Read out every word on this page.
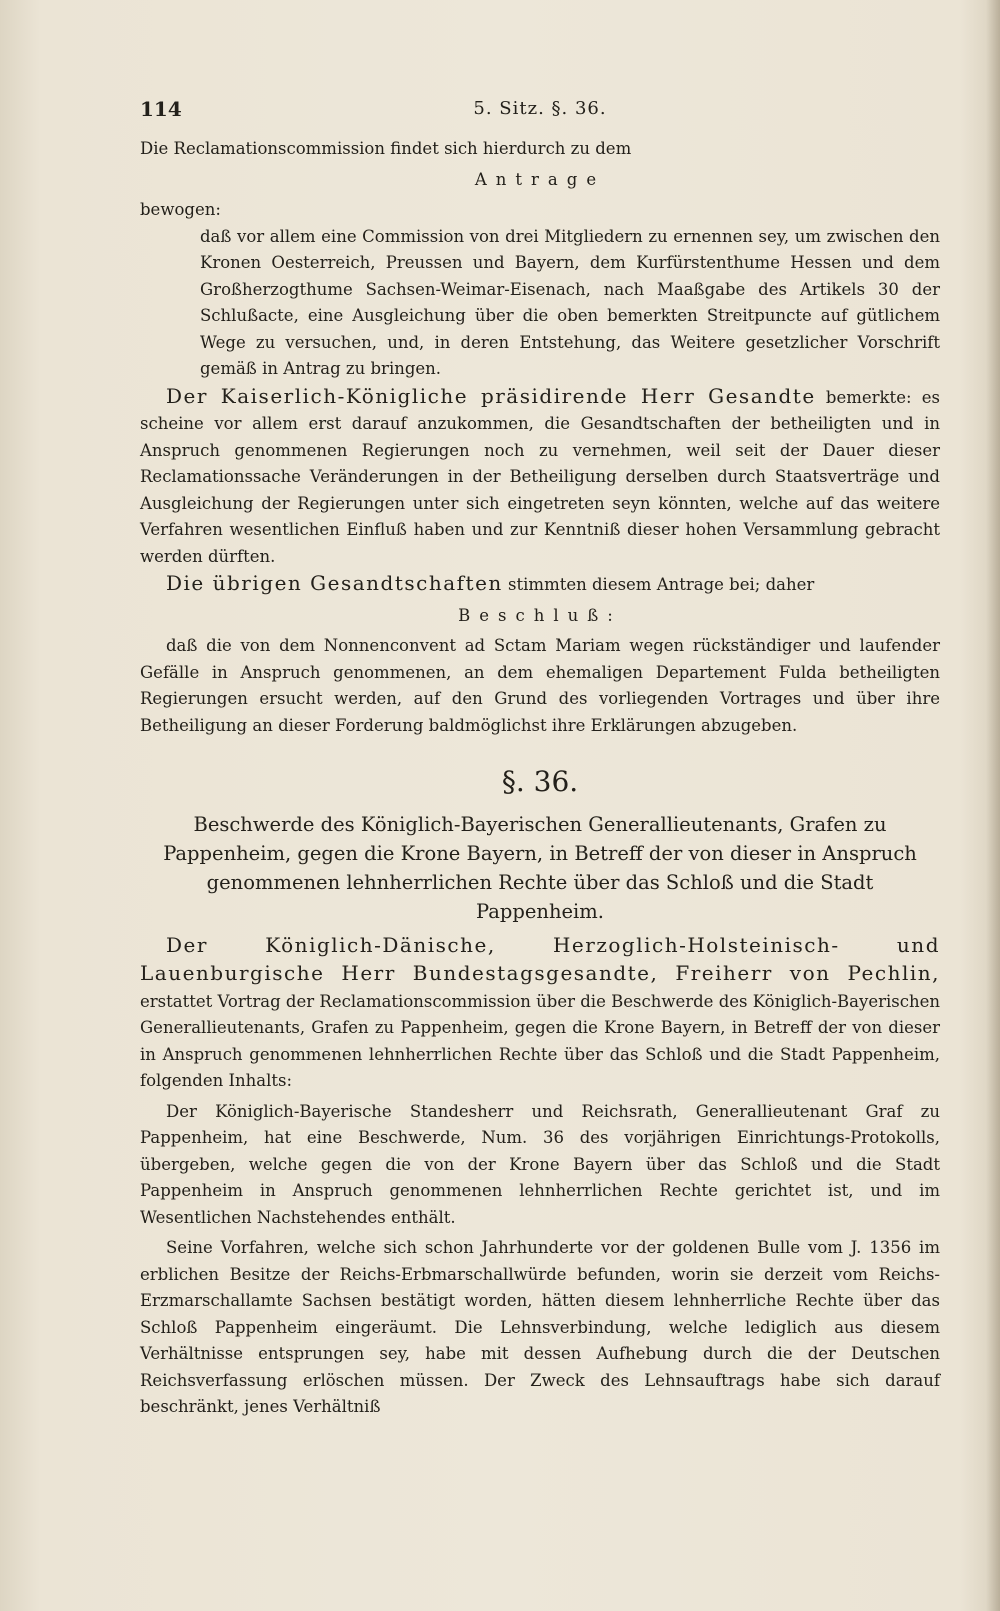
114	5. Sitz. §. 36.

Die Reclamationscommission findet sich hierdurch zu dem

Antrage

bewogen:

daß vor allem eine Commission von drei Mitgliedern zu ernennen sey, um zwischen den Kronen Oesterreich, Preussen und Bayern, dem Kurfürstenthume Hessen und dem Großherzogthume Sachsen-Weimar-Eisenach, nach Maaßgabe des Artikels 30 der Schlußacte, eine Ausgleichung über die oben bemerkten Streitpuncte auf gütlichem Wege zu versuchen, und, in deren Entstehung, das Weitere gesetzlicher Vorschrift gemäß in Antrag zu bringen.

Der Kaiserlich-Königliche präsidirende Herr Gesandte bemerkte: es scheine vor allem erst darauf anzukommen, die Gesandtschaften der betheiligten und in Anspruch genommenen Regierungen noch zu vernehmen, weil seit der Dauer dieser Reclamationssache Veränderungen in der Betheiligung derselben durch Staatsverträge und Ausgleichung der Regierungen unter sich eingetreten seyn könnten, welche auf das weitere Verfahren wesentlichen Einfluß haben und zur Kenntniß dieser hohen Versammlung gebracht werden dürften.

Die übrigen Gesandtschaften stimmten diesem Antrage bei; daher

Beschluß:

daß die von dem Nonnenconvent ad Sctam Mariam wegen rückständiger und laufender Gefälle in Anspruch genommenen, an dem ehemaligen Departement Fulda betheiligten Regierungen ersucht werden, auf den Grund des vorliegenden Vortrages und über ihre Betheiligung an dieser Forderung baldmöglichst ihre Erklärungen abzugeben.

§. 36.

Beschwerde des Königlich-Bayerischen Generallieutenants, Grafen zu Pappenheim, gegen die Krone Bayern, in Betreff der von dieser in Anspruch genommenen lehnherrlichen Rechte über das Schloß und die Stadt Pappenheim.

Der Königlich-Dänische, Herzoglich-Holsteinisch- und Lauenburgische Herr Bundestagsgesandte, Freiherr von Pechlin, erstattet Vortrag der Reclamationscommission über die Beschwerde des Königlich-Bayerischen Generallieutenants, Grafen zu Pappenheim, gegen die Krone Bayern, in Betreff der von dieser in Anspruch genommenen lehnherrlichen Rechte über das Schloß und die Stadt Pappenheim, folgenden Inhalts:

Der Königlich-Bayerische Standesherr und Reichsrath, Generallieutenant Graf zu Pappenheim, hat eine Beschwerde, Num. 36 des vorjährigen Einrichtungs-Protokolls, übergeben, welche gegen die von der Krone Bayern über das Schloß und die Stadt Pappenheim in Anspruch genommenen lehnherrlichen Rechte gerichtet ist, und im Wesentlichen Nachstehendes enthält.

Seine Vorfahren, welche sich schon Jahrhunderte vor der goldenen Bulle vom J. 1356 im erblichen Besitze der Reichs-Erbmarschallwürde befunden, worin sie derzeit vom Reichs-Erzmarschallamte Sachsen bestätigt worden, hätten diesem lehnherrliche Rechte über das Schloß Pappenheim eingeräumt. Die Lehnsverbindung, welche lediglich aus diesem Verhältnisse entsprungen sey, habe mit dessen Aufhebung durch die der Deutschen Reichsverfassung erlöschen müssen. Der Zweck des Lehnsauftrags habe sich darauf beschränkt, jenes Verhältniß
